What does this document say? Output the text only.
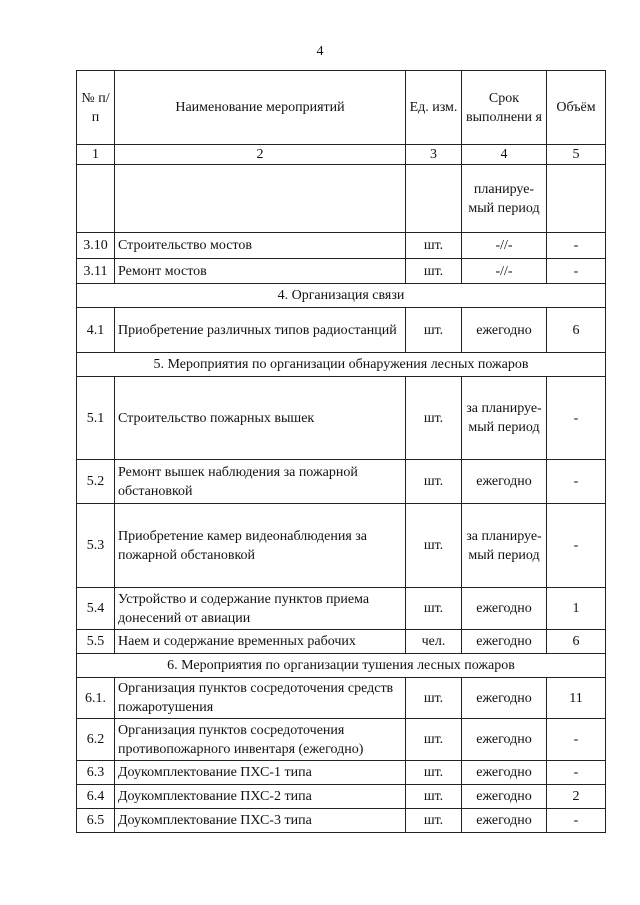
4
№ п/п	Наименование мероприятий	Ед. изм.	Срок выполнени я	Объём
1	2	3	4	5
			планируе-мый период	
3.10	Строительство мостов	шт.	-//-	-
3.11	Ремонт мостов	шт.	-//-	-
4. Организация связи				
4.1	Приобретение различных типов радиостанций	шт.	ежегодно	6
5. Мероприятия по организации обнаружения лесных пожаров				
5.1	Строительство пожарных вышек	шт.	за планируе-мый период	-
5.2	Ремонт вышек наблюдения за пожарной обстановкой	шт.	ежегодно	-
5.3	Приобретение камер видеонаблюдения за пожарной обстановкой	шт.	за планируе-мый период	-
5.4	Устройство и содержание пунктов приема донесений от авиации	шт.	ежегодно	1
5.5	Наем и содержание временных рабочих	чел.	ежегодно	6
6. Мероприятия по организации тушения лесных пожаров				
6.1.	Организация пунктов сосредоточения средств пожаротушения	шт.	ежегодно	11
6.2	Организация пунктов сосредоточения противопожарного инвентаря (ежегодно)	шт.	ежегодно	-
6.3	Доукомплектование ПХС-1 типа	шт.	ежегодно	-
6.4	Доукомплектование ПХС-2 типа	шт.	ежегодно	2
6.5	Доукомплектование ПХС-3 типа	шт.	ежегодно	-
